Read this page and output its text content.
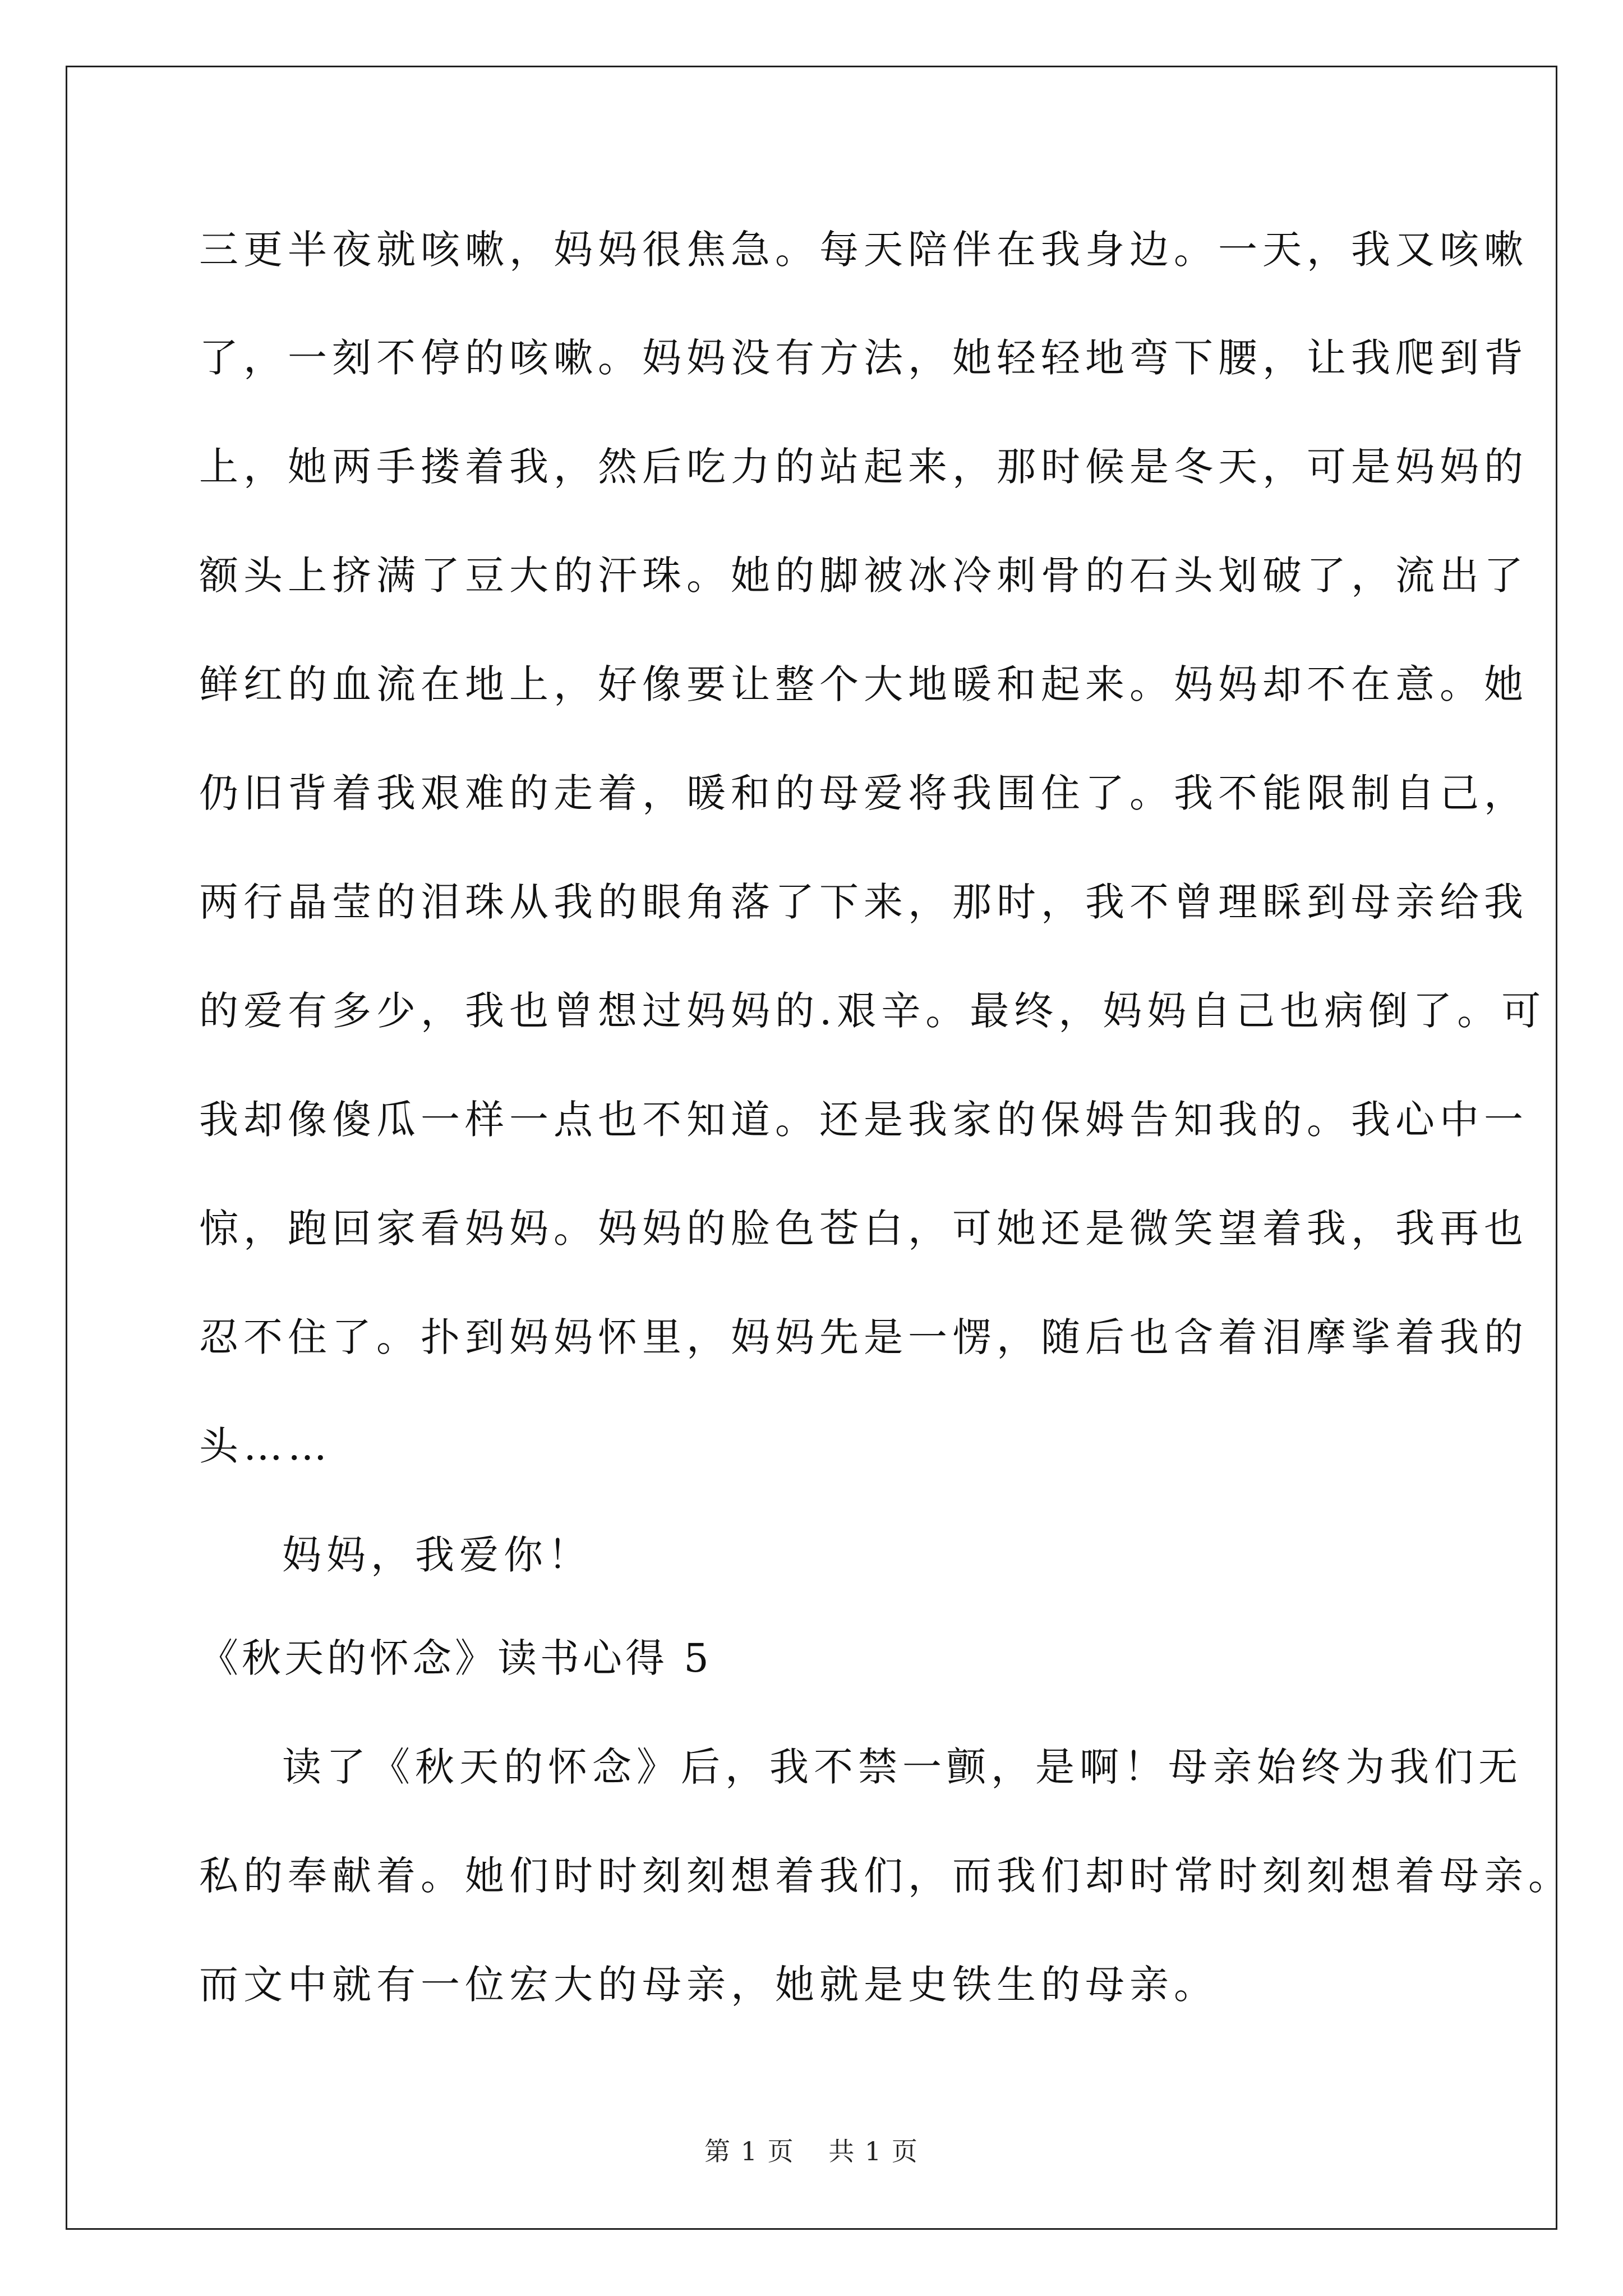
三更半夜就咳嗽，妈妈很焦急。每天陪伴在我身边。一天，我又咳嗽
了，一刻不停的咳嗽。妈妈没有方法，她轻轻地弯下腰，让我爬到背
上，她两手搂着我，然后吃力的站起来，那时候是冬天，可是妈妈的
额头上挤满了豆大的汗珠。她的脚被冰冷刺骨的石头划破了，流出了
鲜红的血流在地上，好像要让整个大地暖和起来。妈妈却不在意。她
仍旧背着我艰难的走着，暖和的母爱将我围住了。我不能限制自己，
两行晶莹的泪珠从我的眼角落了下来，那时，我不曾理睬到母亲给我
的爱有多少，我也曾想过妈妈的.艰辛。最终，妈妈自己也病倒了。可
我却像傻瓜一样一点也不知道。还是我家的保姆告知我的。我心中一
惊，跑回家看妈妈。妈妈的脸色苍白，可她还是微笑望着我，我再也
忍不住了。扑到妈妈怀里，妈妈先是一愣，随后也含着泪摩挲着我的
头……
妈妈，我爱你！
《秋天的怀念》读书心得 5
读了《秋天的怀念》后，我不禁一颤，是啊！母亲始终为我们无
私的奉献着。她们时时刻刻想着我们，而我们却时常时刻刻想着母亲。
而文中就有一位宏大的母亲，她就是史铁生的母亲。
第 1 页 共 1 页
